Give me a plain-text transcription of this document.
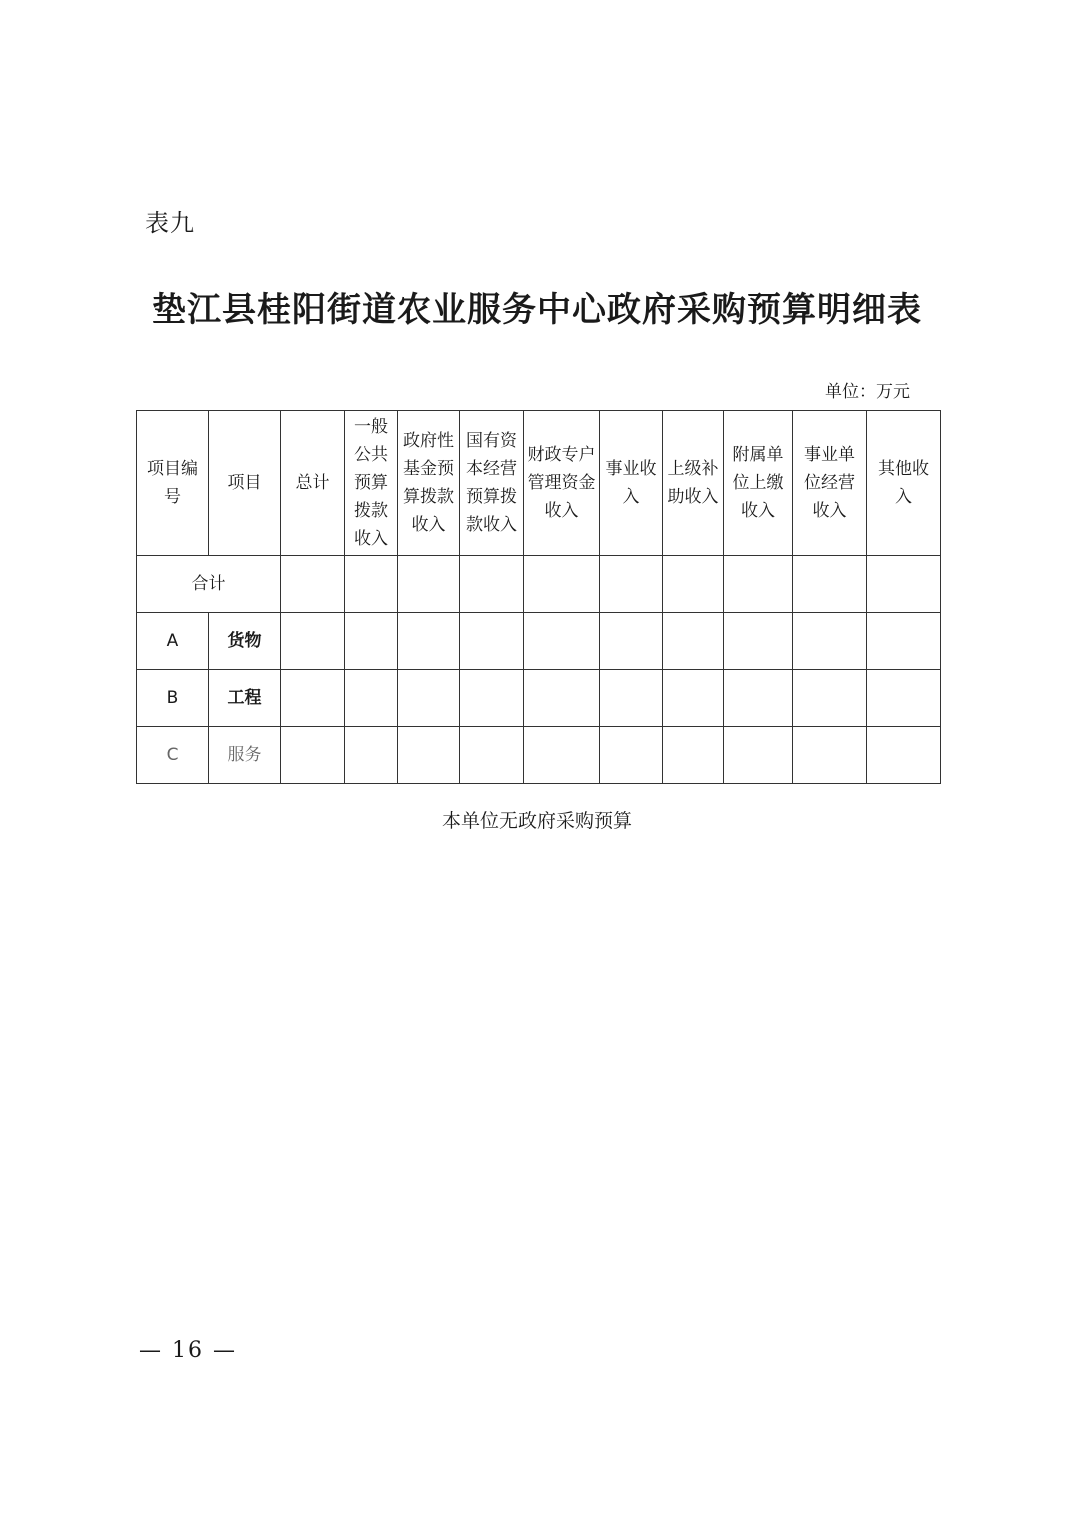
表九
垫江县桂阳街道农业服务中心政府采购预算明细表
单位：万元
项目编号	项目	总计	一般公共预算拨款收入	政府性基金预算拨款收入	国有资本经营预算拨款收入	财政专户管理资金收入	事业收入	上级补助收入	附属单位上缴收入	事业单位经营收入	其他收入

合计											
A	货物										
B	工程										
C	服务										
本单位无政府采购预算
— 16 —
